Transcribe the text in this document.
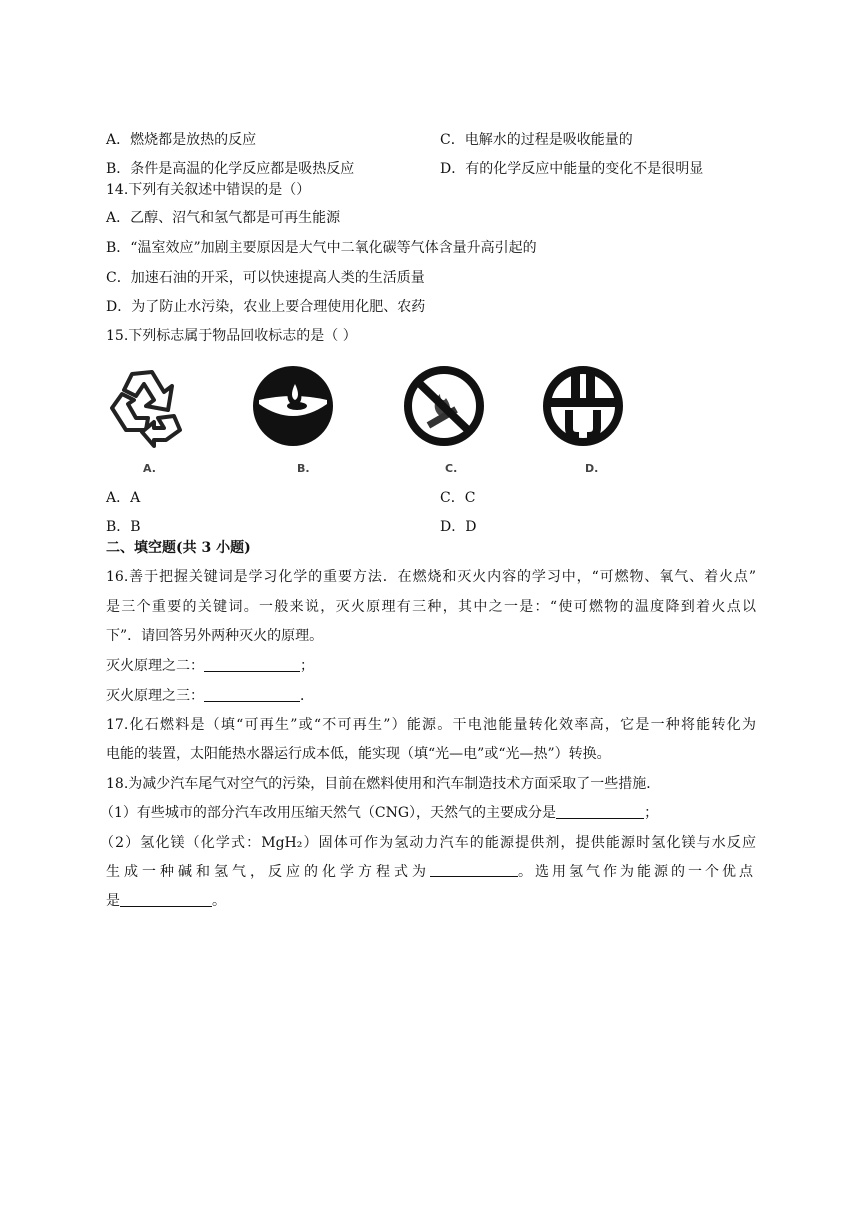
A．燃烧都是放热的反应	C．电解水的过程是吸收能量的
B．条件是高温的化学反应都是吸热反应	D．有的化学反应中能量的变化不是很明显
14.下列有关叙述中错误的是（）
A．乙醇、沼气和氢气都是可再生能源
B．“温室效应”加剧主要原因是大气中二氧化碳等气体含量升高引起的
C．加速石油的开采，可以快速提高人类的生活质量
D．为了防止水污染，农业上要合理使用化肥、农药
15.下列标志属于物品回收标志的是（ ）
A.	B.	C.	D.
A．A	C．C
B．B	D．D
二、填空题(共 3 小题)
16.善于把握关键词是学习化学的重要方法．在燃烧和灭火内容的学习中，“可燃物、氧气、着火点”
是三个重要的关键词。一般来说，灭火原理有三种，其中之一是：“使可燃物的温度降到着火点以
下”．请回答另外两种灭火的原理。
灭火原理之二：	；
灭火原理之三：	．
17.化石燃料是（填“可再生”或“不可再生”）能源。干电池能量转化效率高，它是一种将能转化为
电能的装置，太阳能热水器运行成本低，能实现（填“光—电”或“光—热”）转换。
18.为减少汽车尾气对空气的污染，目前在燃料使用和汽车制造技术方面采取了一些措施．
（1）有些城市的部分汽车改用压缩天然气（CNG），天然气的主要成分是	；
（2）氢化镁（化学式：MgH₂）固体可作为氢动力汽车的能源提供剂，提供能源时氢化镁与水反应
生成一种碱和氢气，反应的化学方程式为	。选用氢气作为能源的一个优点
是	。
